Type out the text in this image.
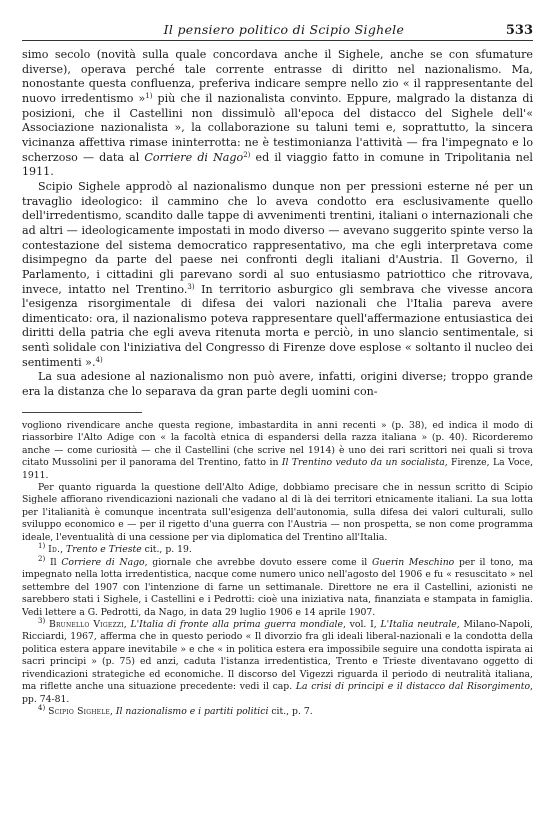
Il pensiero politico di Scipio Sighele	533

simo secolo (novità sulla quale concordava anche il Sighele, anche se con sfumature diverse), operava perché tale corrente entrasse di diritto nel nazionalismo. Ma, nonostante questa confluenza, preferiva indicare sempre nello zio « il rappresentante del nuovo irredentismo »$^{1)}$ più che il nazionalista convinto. Eppure, malgrado la distanza di posizioni, che il Castellini non dissimulò all'epoca del distacco del Sighele dell'« Associazione nazionalista », la collaborazione su taluni temi e, soprattutto, la sincera vicinanza affettiva rimase ininterrotta: ne è testimonianza l'attività — fra l'impegnato e lo scherzoso — data al Corriere di Nago$^{2)}$ ed il viaggio fatto in comune in Tripolitania nel 1911.

Scipio Sighele approdò al nazionalismo dunque non per pressioni esterne né per un travaglio ideologico: il cammino che lo aveva condotto era esclusivamente quello dell'irredentismo, scandito dalle tappe di avvenimenti trentini, italiani o internazionali che ad altri — ideologicamente impostati in modo diverso — avevano suggerito spinte verso la contestazione del sistema democratico rappresentativo, ma che egli interpretava come disimpegno da parte del paese nei confronti degli italiani d'Austria. Il Governo, il Parlamento, i cittadini gli parevano sordi al suo entusiasmo patriottico che ritrovava, invece, intatto nel Trentino.$^{3)}$ In territorio asburgico gli sembrava che vivesse ancora l'esigenza risorgimentale di difesa dei valori nazionali che l'Italia pareva avere dimenticato: ora, il nazionalismo poteva rappresentare quell'affermazione entusiastica dei diritti della patria che egli aveva ritenuta morta e perciò, in uno slancio sentimentale, si sentì solidale con l'iniziativa del Congresso di Firenze dove esplose « soltanto il nucleo dei sentimenti ».$^{4)}$

La sua adesione al nazionalismo non può avere, infatti, origini diverse; troppo grande era la distanza che lo separava da gran parte degli uomini con-

vogliono rivendicare anche questa regione, imbastardita in anni recenti » (p. 38), ed indica il modo di riassorbire l'Alto Adige con « la facoltà etnica di espandersi della razza italiana » (p. 40). Ricorderemo anche — come curiosità — che il Castellini (che scrive nel 1914) è uno dei rari scrittori nei quali si trova citato Mussolini per il panorama del Trentino, fatto in Il Trentino veduto da un socialista, Firenze, La Voce, 1911.

Per quanto riguarda la questione dell'Alto Adige, dobbiamo precisare che in nessun scritto di Scipio Sighele affiorano rivendicazioni nazionali che vadano al di là dei territori etnicamente italiani. La sua lotta per l'italianità è comunque incentrata sull'esigenza dell'autonomia, sulla difesa dei valori culturali, sullo sviluppo economico e — per il rigetto d'una guerra con l'Austria — non prospetta, se non come programma ideale, l'eventualità di una cessione per via diplomatica del Trentino all'Italia.

$^{1)}$ Id., Trento e Trieste cit., p. 19.

$^{2)}$ Il Corriere di Nago, giornale che avrebbe dovuto essere come il Guerin Meschino per il tono, ma impegnato nella lotta irredentistica, nacque come numero unico nell'agosto del 1906 e fu « resuscitato » nel settembre del 1907 con l'intenzione di farne un settimanale. Direttore ne era il Castellini, azionisti ne sarebbero stati i Sighele, i Castellini e i Pedrotti: cioè una iniziativa nata, finanziata e stampata in famiglia. Vedi lettere a G. Pedrotti, da Nago, in data 29 luglio 1906 e 14 aprile 1907.

$^{3)}$ Brunello Vigezzi, L'Italia di fronte alla prima guerra mondiale, vol. I, L'Italia neutrale, Milano-Napoli, Ricciardi, 1967, afferma che in questo periodo « Il divorzio fra gli ideali liberal-nazionali e la condotta della politica estera appare inevitabile » e che « in politica estera era impossibile seguire una condotta ispirata ai sacri principi » (p. 75) ed anzi, caduta l'istanza irredentistica, Trento e Trieste diventavano oggetto di rivendicazioni strategiche ed economiche. Il discorso del Vigezzi riguarda il periodo di neutralità italiana, ma riflette anche una situazione precedente: vedi il cap. La crisi di principi e il distacco dal Risorgimento, pp. 74-81.

$^{4)}$ Scipio Sighele, Il nazionalismo e i partiti politici cit., p. 7.
